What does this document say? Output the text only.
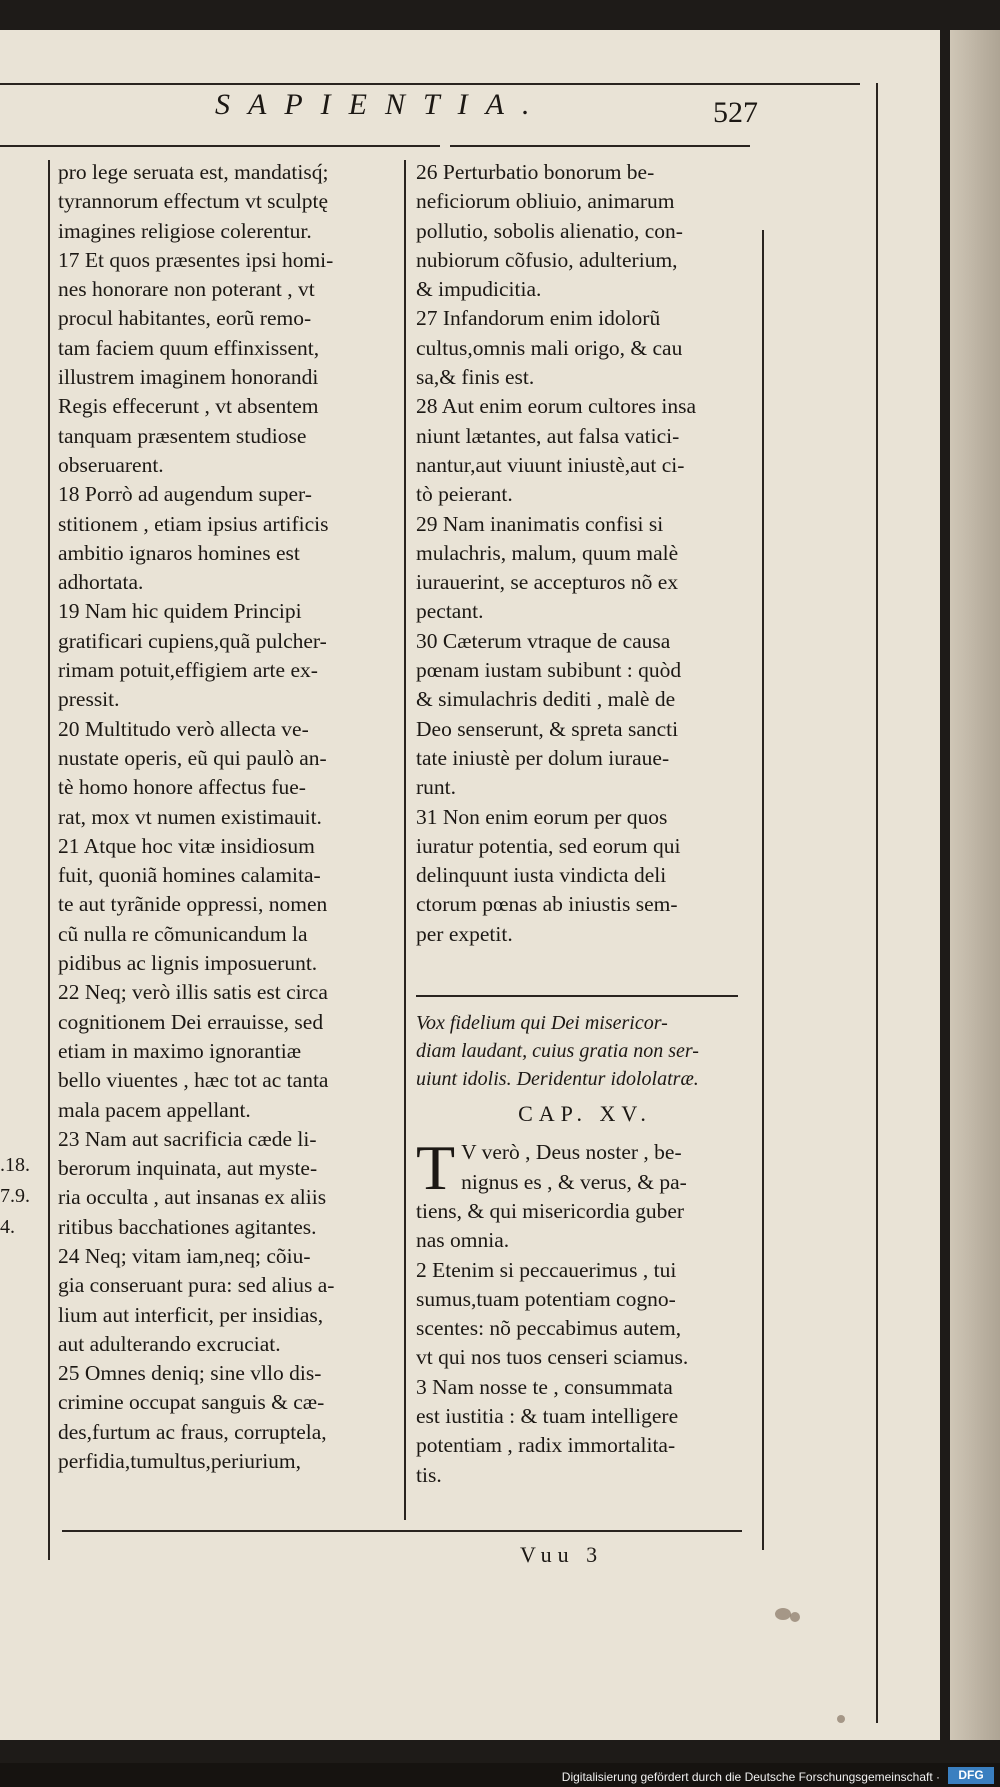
SAPIENTIA.	527

pro lege seruata est, mandatisq́;

tyrannorum effectum vt sculptę

imagines religiose colerentur.

17 Et quos præsentes ipsi homi-

nes honorare non poterant , vt

procul habitantes, eorũ remo-

tam faciem quum effinxissent,

illustrem imaginem honorandi

Regis effecerunt , vt absentem

tanquam præsentem studiose

obseruarent.

18 Porrò ad augendum super-

stitionem , etiam ipsius artificis

ambitio ignaros homines est

adhortata.

19 Nam hic quidem Principi

gratificari cupiens,quã pulcher-

rimam potuit,effigiem arte ex-

pressit.

20 Multitudo verò allecta ve-

nustate operis, eũ qui paulò an-

tè homo honore affectus fue-

rat, mox vt numen existimauit.

21 Atque hoc vitæ insidiosum

fuit, quoniã homines calamita-

te aut tyrãnide oppressi, nomen

cũ nulla re cõmunicandum la

pidibus ac lignis imposuerunt.

22 Neq; verò illis satis est circa

cognitionem Dei errauisse, sed

etiam in maximo ignorantiæ

bello viuentes , hæc tot ac tanta

mala pacem appellant.

23 Nam aut sacrificia cæde li-

berorum inquinata, aut myste-

ria occulta , aut insanas ex aliis

ritibus bacchationes agitantes.

24 Neq; vitam iam,neq; cõiu-

gia conseruant pura: sed alius a-

lium aut interficit, per insidias,

aut adulterando excruciat.

25 Omnes deniq; sine vllo dis-

crimine occupat sanguis & cæ-

des,furtum ac fraus, corruptela,

perfidia,tumultus,periurium,

26 Perturbatio bonorum be-

neficiorum obliuio, animarum

pollutio, sobolis alienatio, con-

nubiorum cõfusio, adulterium,

& impudicitia.

27 Infandorum enim idolorũ

cultus,omnis mali origo, & cau

sa,& finis est.

28 Aut enim eorum cultores insa

niunt lætantes, aut falsa vatici-

nantur,aut viuunt iniustè,aut ci-

tò peierant.

29 Nam inanimatis confisi si

mulachris, malum, quum malè

iurauerint, se accepturos nõ ex

pectant.

30 Cæterum vtraque de causa

pœnam iustam subibunt : quòd

& simulachris dediti , malè de

Deo senserunt, & spreta sancti

tate iniustè per dolum iuraue-

runt.

31 Non enim eorum per quos

iuratur potentia, sed eorum qui

delinquunt iusta vindicta deli

ctorum pœnas ab iniustis sem-

per expetit.

Vox fidelium qui Dei misericor-

diam laudant, cuius gratia non ser-

uiunt idolis. Deridentur idololatræ.

CAP. XV.
T V verò , Deus noster , be-

nignus es , & verus, & pa-

tiens, & qui misericordia guber

nas omnia.

2 Etenim si peccauerimus , tui

sumus,tuam potentiam cogno-

scentes: nõ peccabimus autem,

vt qui nos tuos censeri sciamus.

3 Nam nosse te , consummata

est iustitia : & tuam intelligere

potentiam , radix immortalita-

tis.

.18.
7.9.
4.
Vuu 3
Digitalisierung gefördert durch die Deutsche Forschungsgemeinschaft ·	DFG
